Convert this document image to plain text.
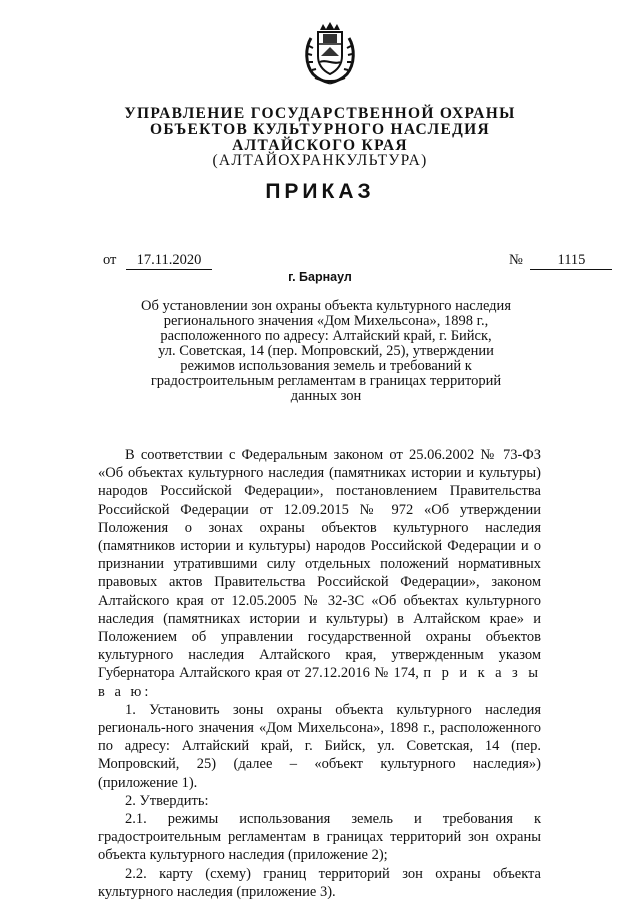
УПРАВЛЕНИЕ ГОСУДАРСТВЕННОЙ ОХРАНЫ
ОБЪЕКТОВ КУЛЬТУРНОГО НАСЛЕДИЯ
АЛТАЙСКОГО КРАЯ
(АЛТАЙОХРАНКУЛЬТУРА)
ПРИКАЗ
от 17.11.2020	№ 1115
г. Барнаул
Об установлении зон охраны объекта культурного наследия
регионального значения «Дом Михельсона», 1898 г.,
расположенного по адресу: Алтайский край, г. Бийск,
ул. Советская, 14 (пер. Мопровский, 25), утверждении
режимов использования земель и требований к
градостроительным регламентам в границах территорий
данных зон

В соответствии с Федеральным законом от 25.06.2002 № 73-ФЗ «Об объектах культурного наследия (памятниках истории и культуры) народов Российской Федерации», постановлением Правительства Российской Федерации от 12.09.2015 № 972 «Об утверждении Положения о зонах охраны объектов культурного наследия (памятников истории и культуры) народов Российской Федерации и о признании утратившими силу отдельных положений нормативных правовых актов Правительства Российской Федерации», законом Алтайского края от 12.05.2005 № 32-ЗС «Об объектах культурного наследия (памятниках истории и культуры) в Алтайском крае» и Положением об управлении государственной охраны объектов культурного наследия Алтайского края, утвержденным указом Губернатора Алтайского края от 27.12.2016 № 174, п р и к а з ы в а ю:

1. Установить зоны охраны объекта культурного наследия региональ-ного значения «Дом Михельсона», 1898 г., расположенного по адресу: Алтайский край, г. Бийск, ул. Советская, 14 (пер. Мопровский, 25) (далее – «объект культурного наследия») (приложение 1).

2. Утвердить:

2.1. режимы использования земель и требования к градостроительным регламентам в границах территорий зон охраны объекта культурного наследия (приложение 2);

2.2. карту (схему) границ территорий зон охраны объекта культурного наследия (приложение 3).
